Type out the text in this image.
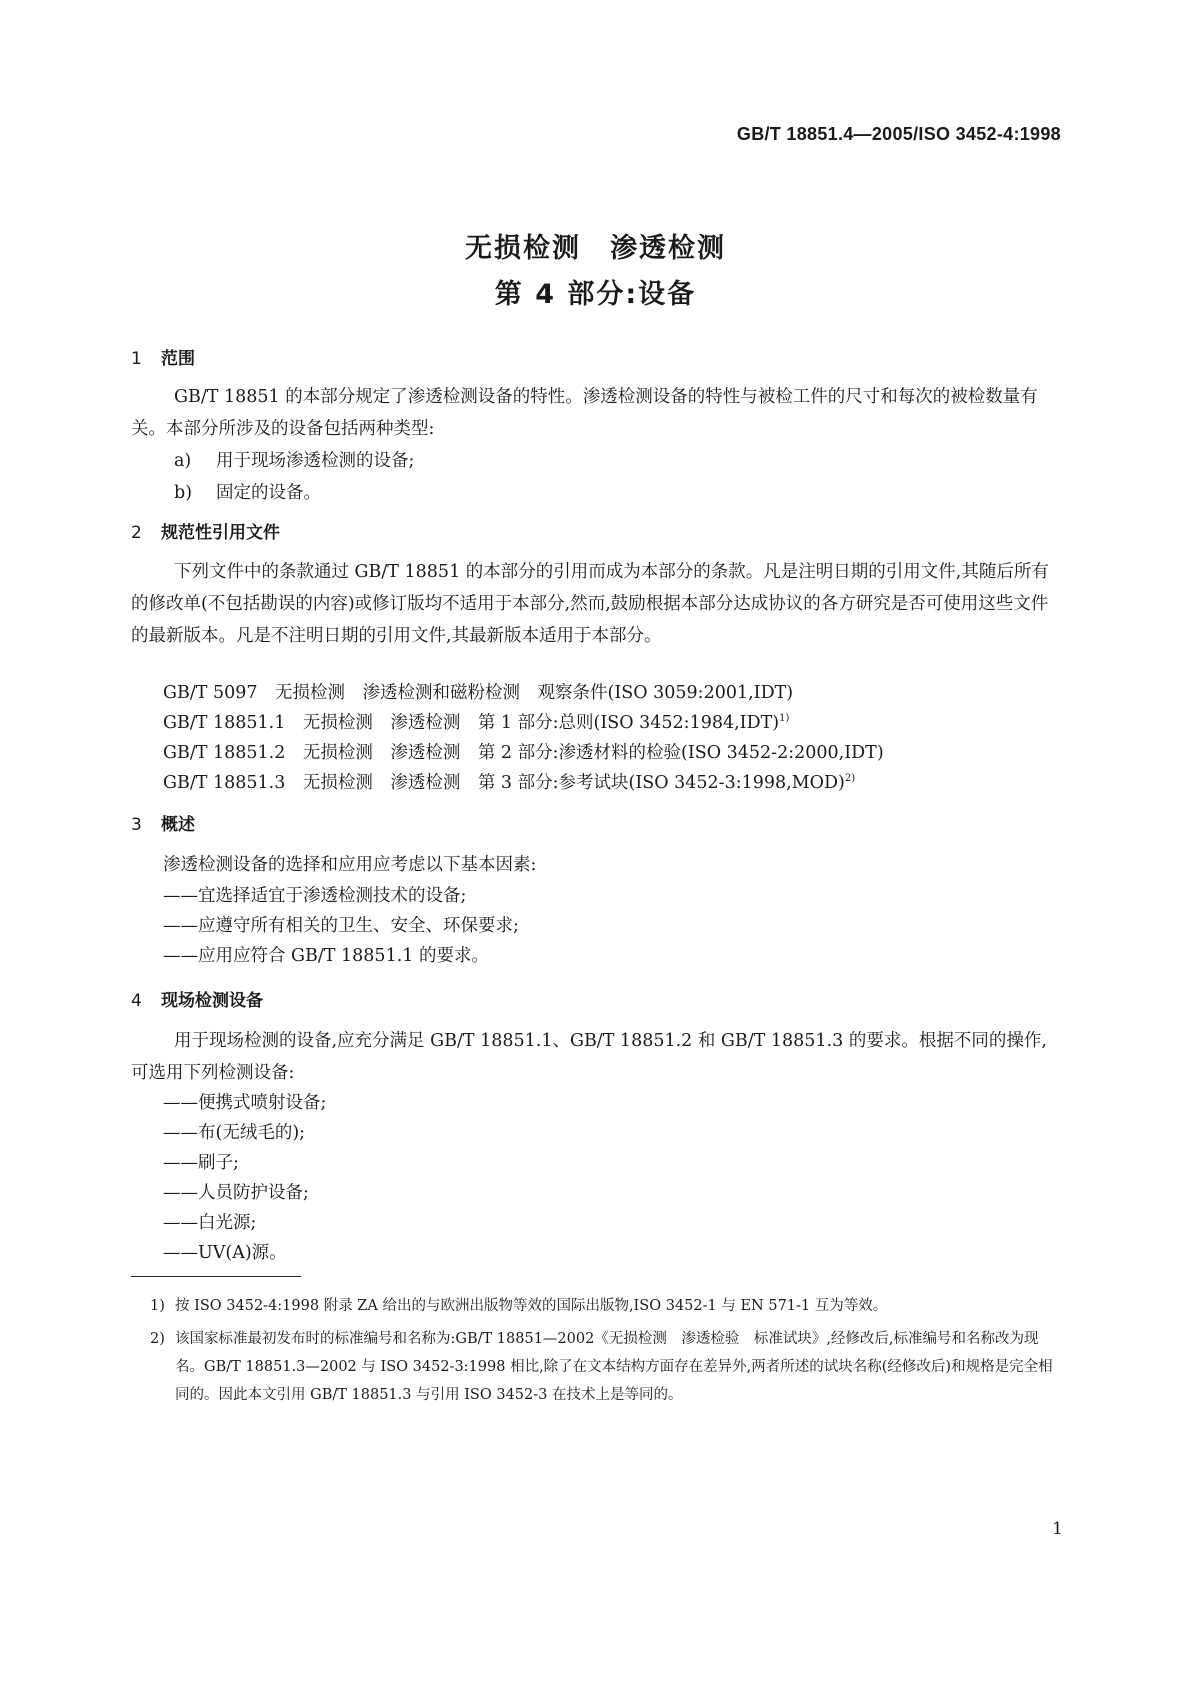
GB/T 18851.4—2005/ISO 3452-4:1998
无损检测　渗透检测
第 4 部分:设备
1 范围
GB/T 18851 的本部分规定了渗透检测设备的特性。渗透检测设备的特性与被检工件的尺寸和每次的被检数量有关。本部分所涉及的设备包括两种类型:
a) 用于现场渗透检测的设备;
b) 固定的设备。
2 规范性引用文件
下列文件中的条款通过 GB/T 18851 的本部分的引用而成为本部分的条款。凡是注明日期的引用文件,其随后所有的修改单(不包括勘误的内容)或修订版均不适用于本部分,然而,鼓励根据本部分达成协议的各方研究是否可使用这些文件的最新版本。凡是不注明日期的引用文件,其最新版本适用于本部分。
GB/T 5097　无损检测　渗透检测和磁粉检测　观察条件(ISO 3059:2001,IDT)
GB/T 18851.1　无损检测　渗透检测　第 1 部分:总则(ISO 3452:1984,IDT)$^{1)}$
GB/T 18851.2　无损检测　渗透检测　第 2 部分:渗透材料的检验(ISO 3452-2:2000,IDT)
GB/T 18851.3　无损检测　渗透检测　第 3 部分:参考试块(ISO 3452-3:1998,MOD)$^{2)}$
3 概述
渗透检测设备的选择和应用应考虑以下基本因素:
——宜选择适宜于渗透检测技术的设备;
——应遵守所有相关的卫生、安全、环保要求;
——应用应符合 GB/T 18851.1 的要求。
4 现场检测设备
用于现场检测的设备,应充分满足 GB/T 18851.1、GB/T 18851.2 和 GB/T 18851.3 的要求。根据不同的操作,可选用下列检测设备:
——便携式喷射设备;
——布(无绒毛的);
——刷子;
——人员防护设备;
——白光源;
——UV(A)源。
1) 按 ISO 3452-4:1998 附录 ZA 给出的与欧洲出版物等效的国际出版物,ISO 3452-1 与 EN 571-1 互为等效。
2) 该国家标准最初发布时的标准编号和名称为:GB/T 18851—2002《无损检测　渗透检验　标准试块》,经修改后,标准编号和名称改为现名。GB/T 18851.3—2002 与 ISO 3452-3:1998 相比,除了在文本结构方面存在差异外,两者所述的试块名称(经修改后)和规格是完全相同的。因此本文引用 GB/T 18851.3 与引用 ISO 3452-3 在技术上是等同的。
1
